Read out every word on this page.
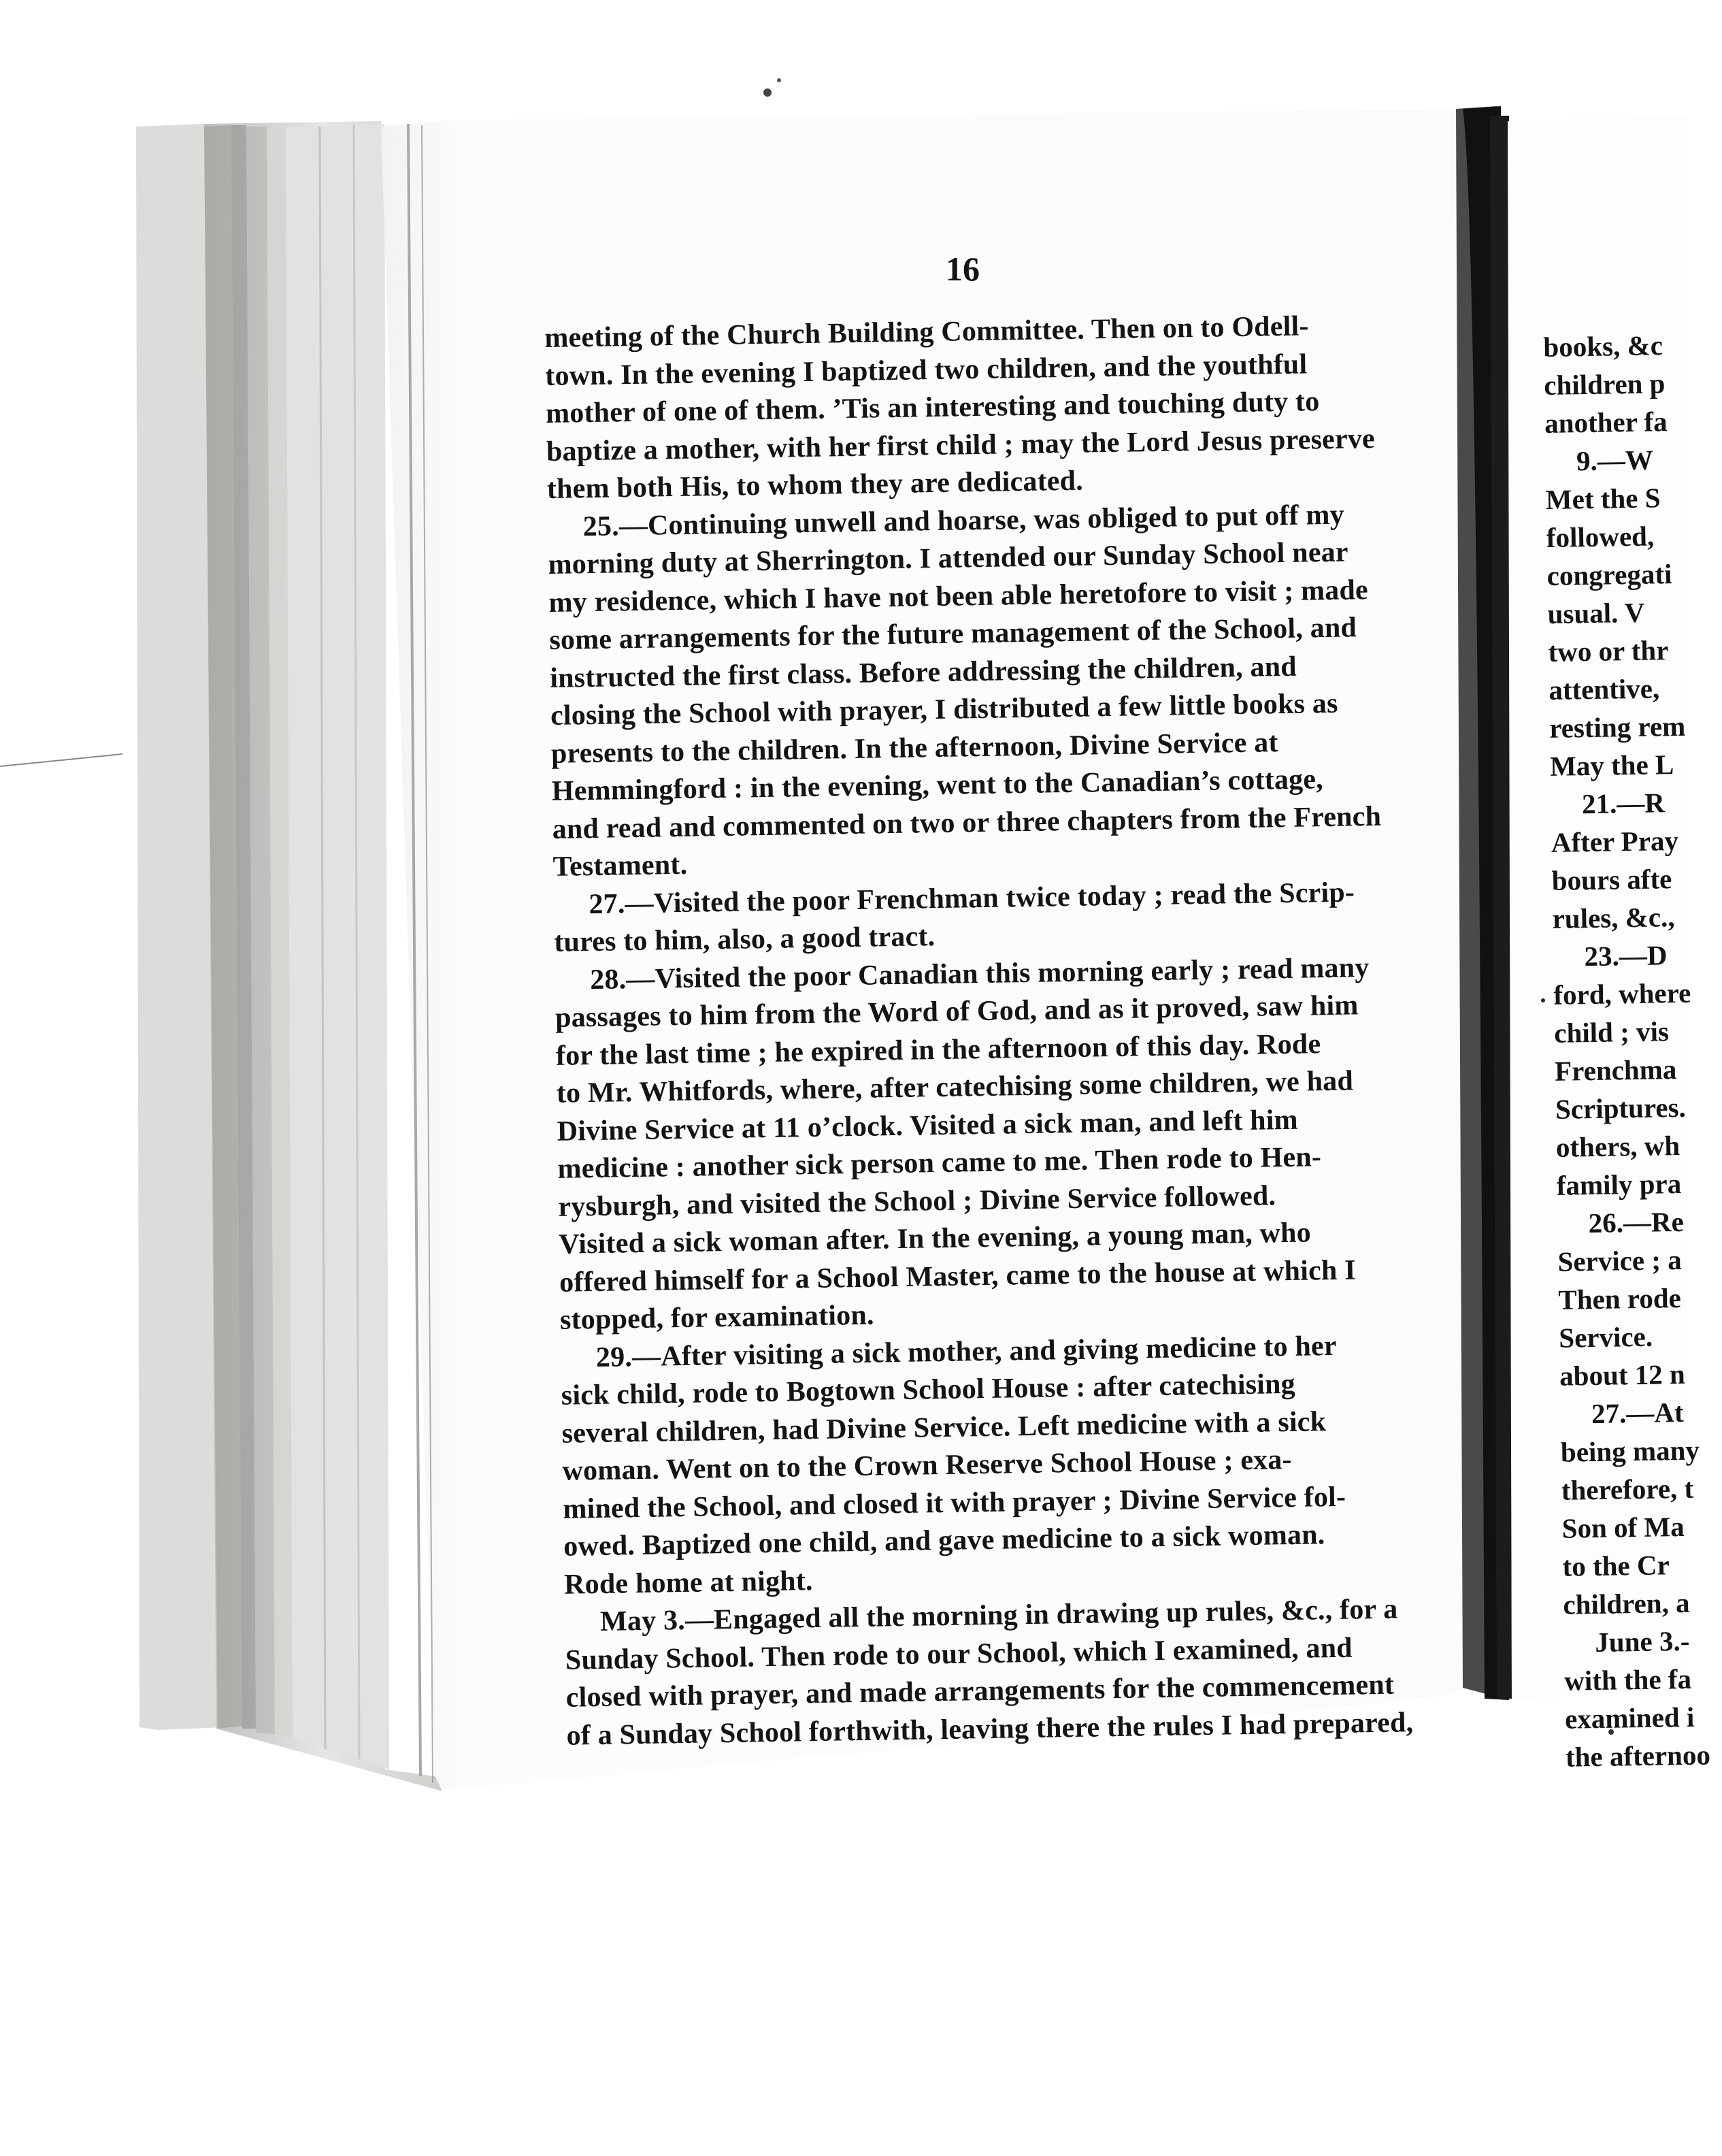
16
meeting of the Church Building Committee. Then on to Odell-
town. In the evening I baptized two children, and the youthful
mother of one of them. ’Tis an interesting and touching duty to
baptize a mother, with her first child ; may the Lord Jesus preserve
them both His, to whom they are dedicated.
25.—Continuing unwell and hoarse, was obliged to put off my
morning duty at Sherrington. I attended our Sunday School near
my residence, which I have not been able heretofore to visit ; made
some arrangements for the future management of the School, and
instructed the first class. Before addressing the children, and
closing the School with prayer, I distributed a few little books as
presents to the children. In the afternoon, Divine Service at
Hemmingford : in the evening, went to the Canadian’s cottage,
and read and commented on two or three chapters from the French
Testament.
27.—Visited the poor Frenchman twice today ; read the Scrip-
tures to him, also, a good tract.
28.—Visited the poor Canadian this morning early ; read many
passages to him from the Word of God, and as it proved, saw him
for the last time ; he expired in the afternoon of this day. Rode
to Mr. Whitfords, where, after catechising some children, we had
Divine Service at 11 o’clock. Visited a sick man, and left him
medicine : another sick person came to me. Then rode to Hen-
rysburgh, and visited the School ; Divine Service followed.
Visited a sick woman after. In the evening, a young man, who
offered himself for a School Master, came to the house at which I
stopped, for examination.
29.—After visiting a sick mother, and giving medicine to her
sick child, rode to Bogtown School House : after catechising
several children, had Divine Service. Left medicine with a sick
woman. Went on to the Crown Reserve School House ; exa-
mined the School, and closed it with prayer ; Divine Service fol-
owed. Baptized one child, and gave medicine to a sick woman.
Rode home at night.
May 3.—Engaged all the morning in drawing up rules, &c., for a
Sunday School. Then rode to our School, which I examined, and
closed with prayer, and made arrangements for the commencement
of a Sunday School forthwith, leaving there the rules I had prepared,
books, &c
children p
another fa
9.—W
Met the S
followed,
congregati
usual. V
two or thr
attentive,
resting rem
May the L
21.—R
After Pray
bours afte
rules, &c.,
23.—D
ford, where
child ; vis
Frenchma
Scriptures.
others, wh
family pra
26.—Re
Service ; a
Then rode
Service.
about 12 n
27.—At
being many
therefore, t
Son of Ma
to the Cr
children, a
June 3.-
with the fa
examined i
the afternoo
